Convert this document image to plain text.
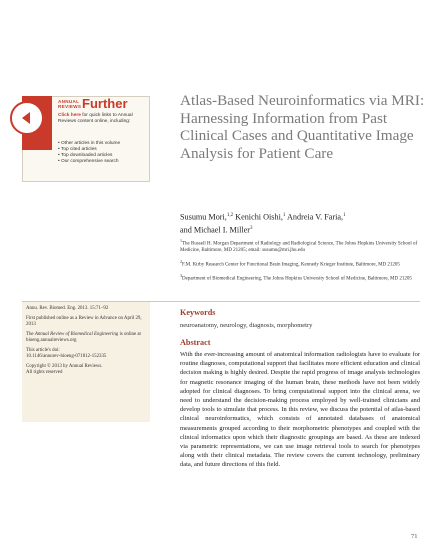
ANNUAL REVIEWS Further
Click here for quick links to Annual Reviews content online, including:
• Other articles in this volume
• Top cited articles
• Top downloaded articles
• Our comprehensive search
Atlas-Based Neuroinformatics via MRI: Harnessing Information from Past Clinical Cases and Quantitative Image Analysis for Patient Care
Susumu Mori,$^{1,2}$ Kenichi Oishi,$^1$ Andreia V. Faria,$^1$
and Michael I. Miller$^3$
$^1$The Russell H. Morgan Department of Radiology and Radiological Science, The Johns Hopkins University School of Medicine, Baltimore, MD 21205; email: susumu@mri.jhu.edu
$^2$F.M. Kirby Research Center for Functional Brain Imaging, Kennedy Krieger Institute, Baltimore, MD 21205
$^3$Department of Biomedical Engineering, The Johns Hopkins University School of Medicine, Baltimore, MD 21205

Annu. Rev. Biomed. Eng. 2013. 15:71–92

First published online as a Review in Advance on April 29, 2013

The Annual Review of Biomedical Engineering is online at bioeng.annualreviews.org

This article's doi:
10.1146/annurev-bioeng-071812-152335

Copyright © 2013 by Annual Reviews.
All rights reserved

Keywords
neuroanatomy, neurology, diagnosis, morphometry
Abstract

With the ever-increasing amount of anatomical information radiologists have to evaluate for routine diagnoses, computational support that facilitates more efficient education and clinical decision making is highly desired. Despite the rapid progress of image analysis technologies for magnetic resonance imaging of the human brain, these methods have not been widely adopted for clinical diagnoses. To bring computational support into the clinical arena, we need to understand the decision-making process employed by well-trained clinicians and develop tools to simulate that process. In this review, we discuss the potential of atlas-based clinical neuroinformatics, which consists of annotated databases of anatomical measurements grouped according to their morphometric phenotypes and coupled with the clinical informatics upon which their diagnostic groupings are based. As these are indexed via parametric representations, we can use image retrieval tools to search for phenotypes along with their clinical metadata. The review covers the current technology, preliminary data, and future directions of this field.

71
